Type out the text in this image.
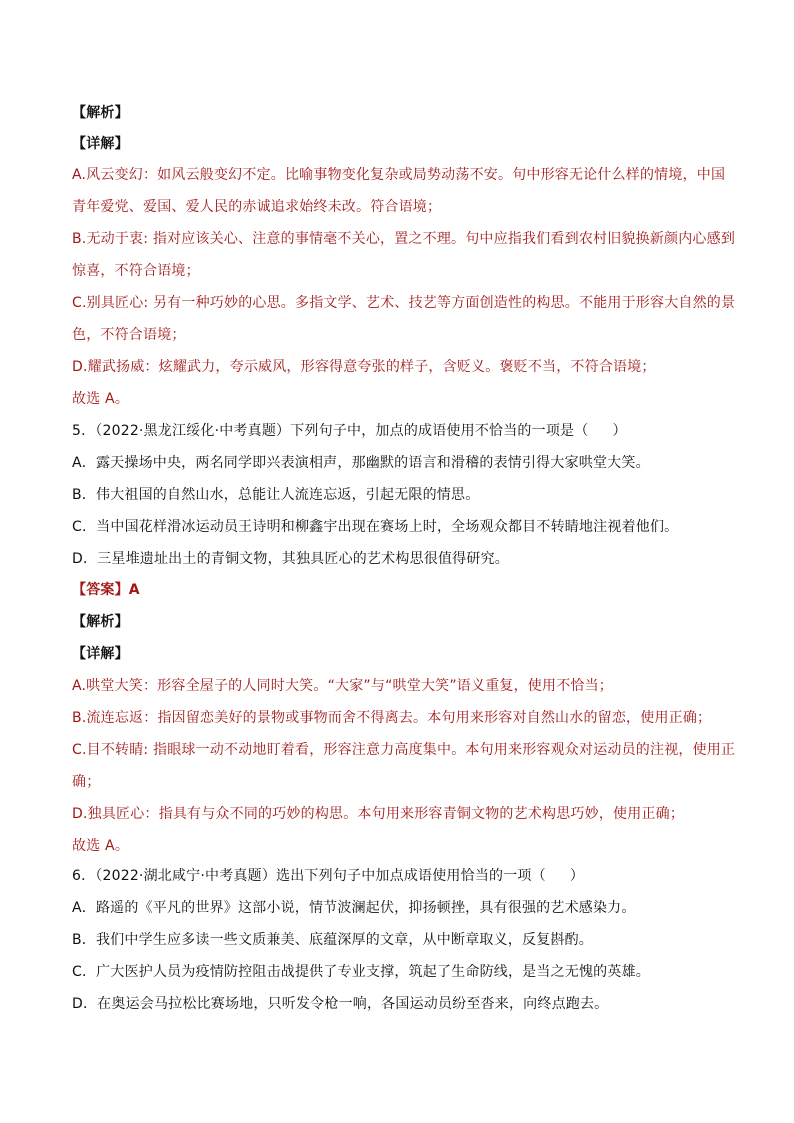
【解析】
【详解】
A.风云变幻：如风云般变幻不定。比喻事物变化复杂或局势动荡不安。句中形容无论什么样的情境，中国
青年爱党、爱国、爱人民的赤诚追求始终未改。符合语境；
B.无动于衷: 指对应该关心、注意的事情毫不关心，置之不理。句中应指我们看到农村旧貌换新颜内心感到
惊喜，不符合语境；
C.别具匠心: 另有一种巧妙的心思。多指文学、艺术、技艺等方面创造性的构思。不能用于形容大自然的景
色，不符合语境；
D.耀武扬威：炫耀武力，夸示威风，形容得意夸张的样子，含贬义。褒贬不当，不符合语境；
故选 A。
5．（2022·黑龙江绥化·中考真题）下列句子中，加点的成语使用不恰当的一项是（ ）
A．露天操场中央，两名同学即兴表演相声，那幽默的语言和滑稽的表情引得大家哄堂大笑。
B．伟大祖国的自然山水，总能让人流连忘返，引起无限的情思。
C．当中国花样滑冰运动员王诗明和柳鑫宇出现在赛场上时，全场观众都目不转睛地注视着他们。
D．三星堆遗址出土的青铜文物，其独具匠心的艺术构思很值得研究。
【答案】A
【解析】
【详解】
A.哄堂大笑：形容全屋子的人同时大笑。“大家”与“哄堂大笑”语义重复，使用不恰当；
B.流连忘返：指因留恋美好的景物或事物而舍不得离去。本句用来形容对自然山水的留恋，使用正确；
C.目不转睛: 指眼球一动不动地盯着看，形容注意力高度集中。本句用来形容观众对运动员的注视，使用正
确；
D.独具匠心：指具有与众不同的巧妙的构思。本句用来形容青铜文物的艺术构思巧妙，使用正确；
故选 A。
6．（2022·湖北咸宁·中考真题）选出下列句子中加点成语使用恰当的一项（ ）
A．路遥的《平凡的世界》这部小说，情节波澜起伏，抑扬顿挫，具有很强的艺术感染力。
B．我们中学生应多读一些文质兼美、底蕴深厚的文章，从中断章取义，反复斟酌。
C．广大医护人员为疫情防控阻击战提供了专业支撑，筑起了生命防线，是当之无愧的英雄。
D．在奥运会马拉松比赛场地，只听发令枪一响，各国运动员纷至沓来，向终点跑去。
